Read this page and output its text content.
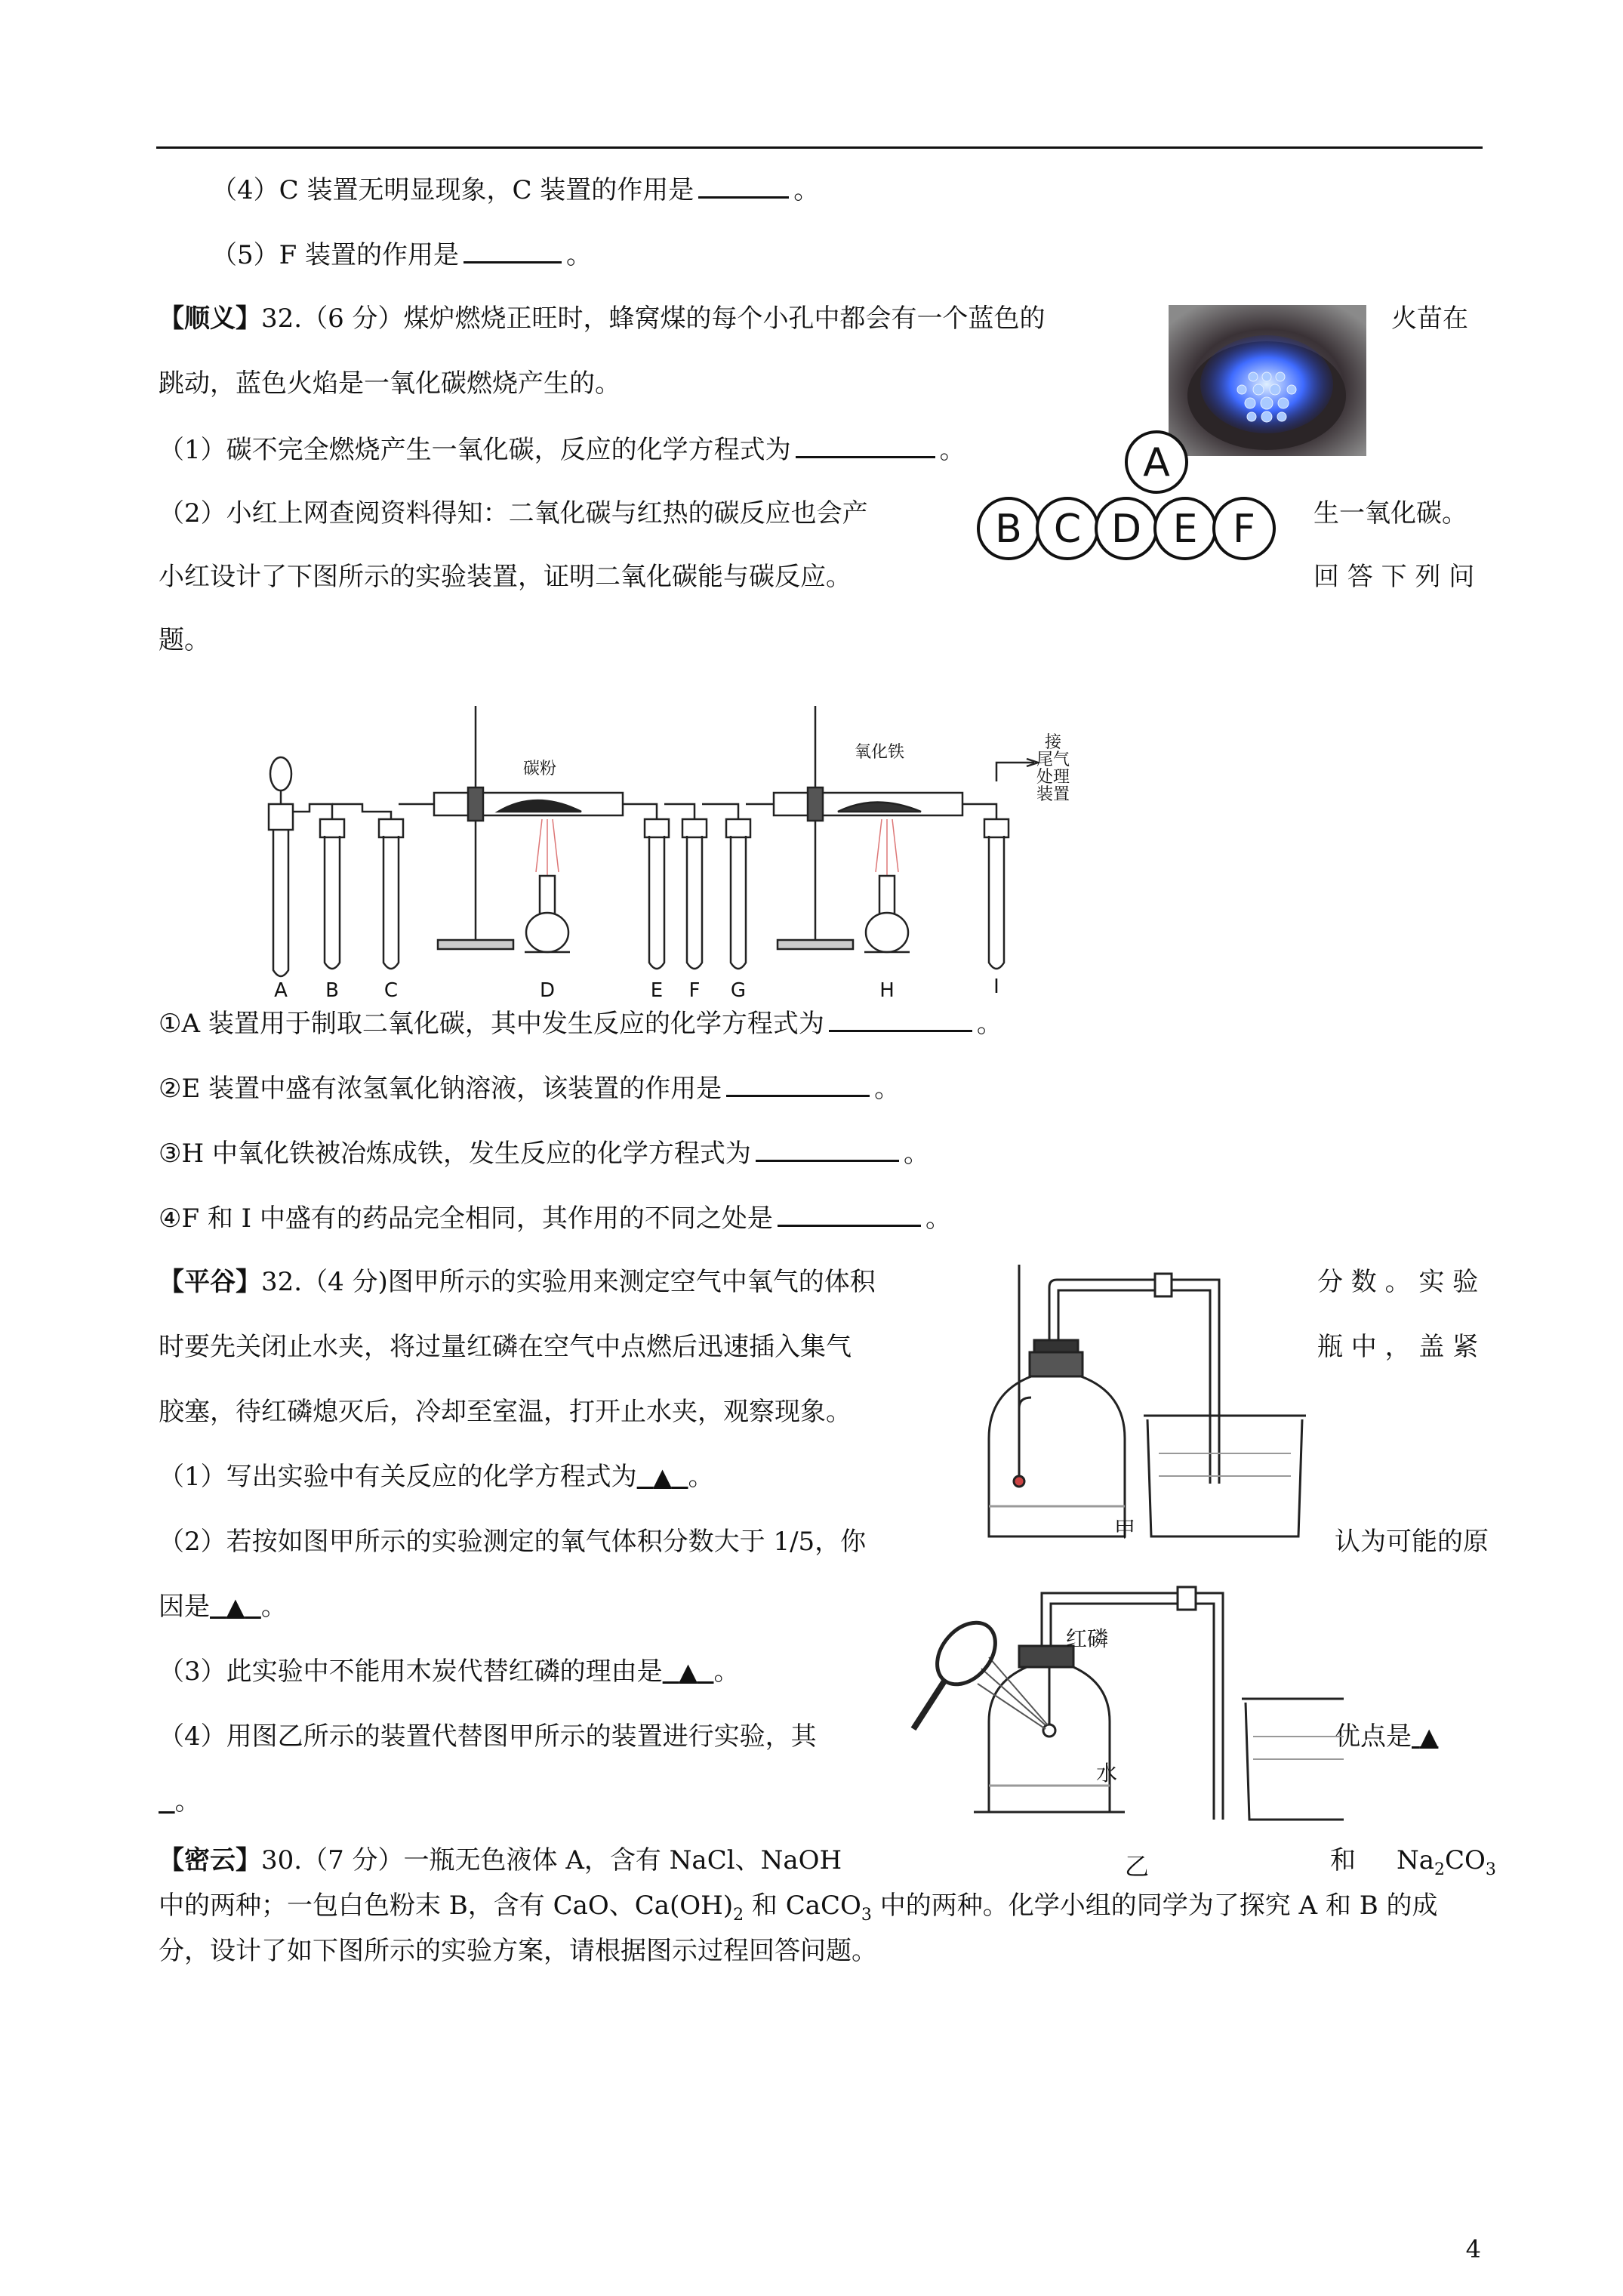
（4）C 装置无明显现象，C 装置的作用是	。
（5）F 装置的作用是	。
【顺义】32.（6 分）煤炉燃烧正旺时，蜂窝煤的每个小孔中都会有一个蓝色的	火苗在
跳动，蓝色火焰是一氧化碳燃烧产生的。
（1）碳不完全燃烧产生一氧化碳，反应的化学方程式为	。	A
B C D E F
（2）小红上网查阅资料得知：二氧化碳与红热的碳反应也会产	生一氧化碳。
小红设计了下图所示的实验装置，证明二氧化碳能与碳反应。	回 答 下 列 问
题。
碳粉
氧化铁
接
尾气
处理
装置
A B C	D	E F G	H	I
①A 装置用于制取二氧化碳，其中发生反应的化学方程式为	。
②E 装置中盛有浓氢氧化钠溶液，该装置的作用是	。
③H 中氧化铁被冶炼成铁，发生反应的化学方程式为	。
④F 和 I 中盛有的药品完全相同，其作用的不同之处是	。
【平谷】32.（4 分)图甲所示的实验用来测定空气中氧气的体积	分 数 。 实 验
时要先关闭止水夹，将过量红磷在空气中点燃后迅速插入集气	瓶 中 ， 盖 紧
胶塞，待红磷熄灭后，冷却至室温，打开止水夹，观察现象。
（1）写出实验中有关反应的化学方程式为 ▲ 。
（2）若按如图甲所示的实验测定的氧气体积分数大于 1/5，你	认为可能的原
因是 ▲ 。
（3）此实验中不能用木炭代替红磷的理由是 ▲ 。
（4）用图乙所示的装置代替图甲所示的装置进行实验，其	优点是 ▲
。
甲
红磷
水
乙
【密云】30.（7 分）一瓶无色液体 A，含有 NaCl、NaOH	和 $Na_2CO_3$
中的两种；一包白色粉末 B，含有 CaO、$Ca(OH)_2$ 和 CaCO$_3$ 中的两种。化学小组的同学为了探究 A 和 B 的成
分，设计了如下图所示的实验方案，请根据图示过程回答问题。
4
